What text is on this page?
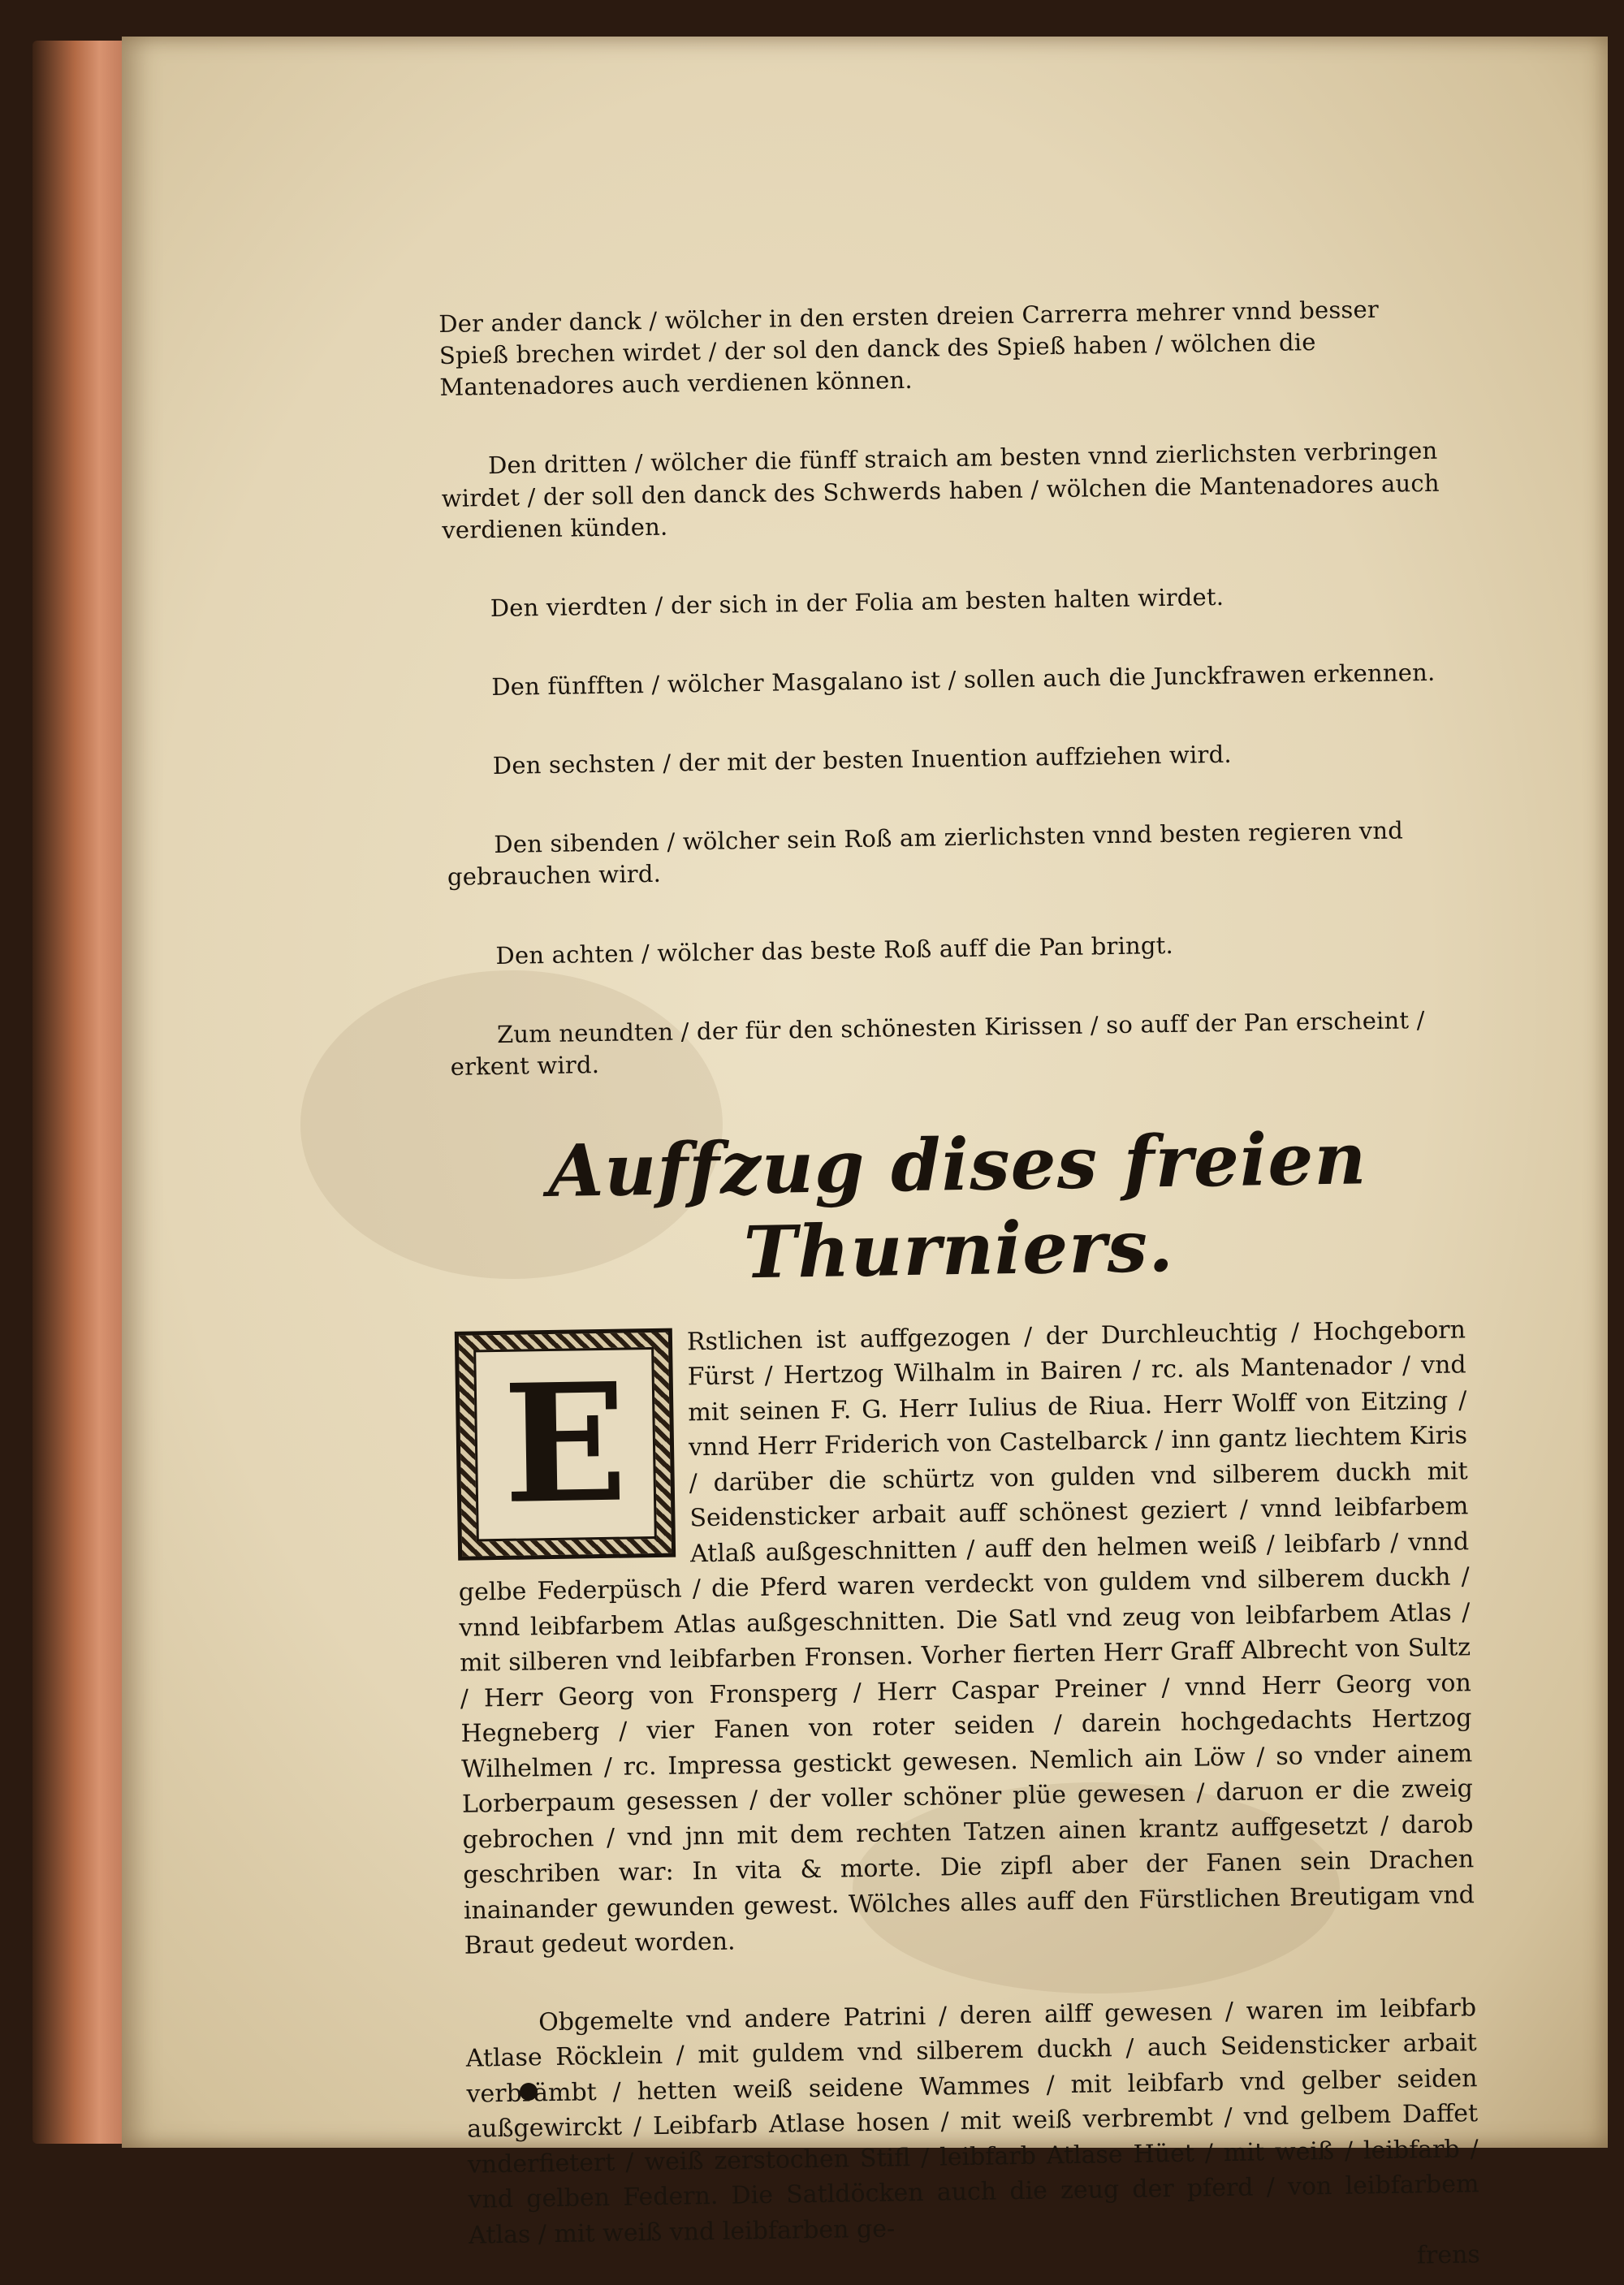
Der ander danck / wölcher in den ersten dreien Carrerra mehrer vnnd besser Spieß brechen wirdet / der sol den danck des Spieß haben / wölchen die Mantenadores auch verdienen können.

Den dritten / wölcher die fünff straich am besten vnnd zierlichsten verbringen wirdet / der soll den danck des Schwerds haben / wölchen die Mantenadores auch verdienen künden.

Den vierdten / der sich in der Folia am besten halten wirdet.

Den fünfften / wölcher Masgalano ist / sollen auch die Junckfrawen erkennen.

Den sechsten / der mit der besten Inuention auffziehen wird.

Den sibenden / wölcher sein Roß am zierlichsten vnnd besten regieren vnd gebrauchen wird.

Den achten / wölcher das beste Roß auff die Pan bringt.

Zum neundten / der für den schönesten Kirissen / so auff der Pan erscheint / erkent wird.

Auffzug dises freien Thurniers.
E

Rstlichen ist auffgezogen / der Durchleuchtig / Hochgeborn Fürst / Hertzog Wilhalm in Bairen / rc. als Mantenador / vnd mit seinen F. G. Herr Iulius de Riua. Herr Wolff von Eitzing / vnnd Herr Friderich von Castelbarck / inn gantz liechtem Kiris / darüber die schürtz von gulden vnd silberem duckh mit Seidensticker arbait auff schönest geziert / vnnd leibfarbem Atlaß außgeschnitten / auff den helmen weiß / leibfarb / vnnd gelbe Federpüsch / die Pferd waren verdeckt von guldem vnd silberem duckh / vnnd leibfarbem Atlas außgeschnitten. Die Satl vnd zeug von leibfarbem Atlas / mit silberen vnd leibfarben Fronsen. Vorher fierten Herr Graff Albrecht von Sultz / Herr Georg von Fronsperg / Herr Caspar Preiner / vnnd Herr Georg von Hegneberg / vier Fanen von roter seiden / darein hochgedachts Hertzog Wilhelmen / rc. Impressa gestickt gewesen. Nemlich ain Löw / so vnder ainem Lorberpaum gesessen / der voller schöner plüe gewesen / daruon er die zweig gebrochen / vnd jnn mit dem rechten Tatzen ainen krantz auffgesetzt / darob geschriben war: In vita & morte. Die zipfl aber der Fanen sein Drachen inainander gewunden gewest. Wölches alles auff den Fürstlichen Breutigam vnd Braut gedeut worden.

Obgemelte vnd andere Patrini / deren ailff gewesen / waren im leibfarb Atlase Röcklein / mit guldem vnd silberem duckh / auch Seidensticker arbait verbrämbt / hetten weiß seidene Wammes / mit leibfarb vnd gelber seiden außgewirckt / Leibfarb Atlase hosen / mit weiß verbrembt / vnd gelbem Daffet vnderfietert / weiß zerstochen Stifl / leibfarb Atlase Hüet / mit weiß / leibfarb / vnd gelben Federn. Die Satldöcken auch die zeug der pferd / von leibfarbem Atlas / mit weiß vnd leibfarben ge-

frens
